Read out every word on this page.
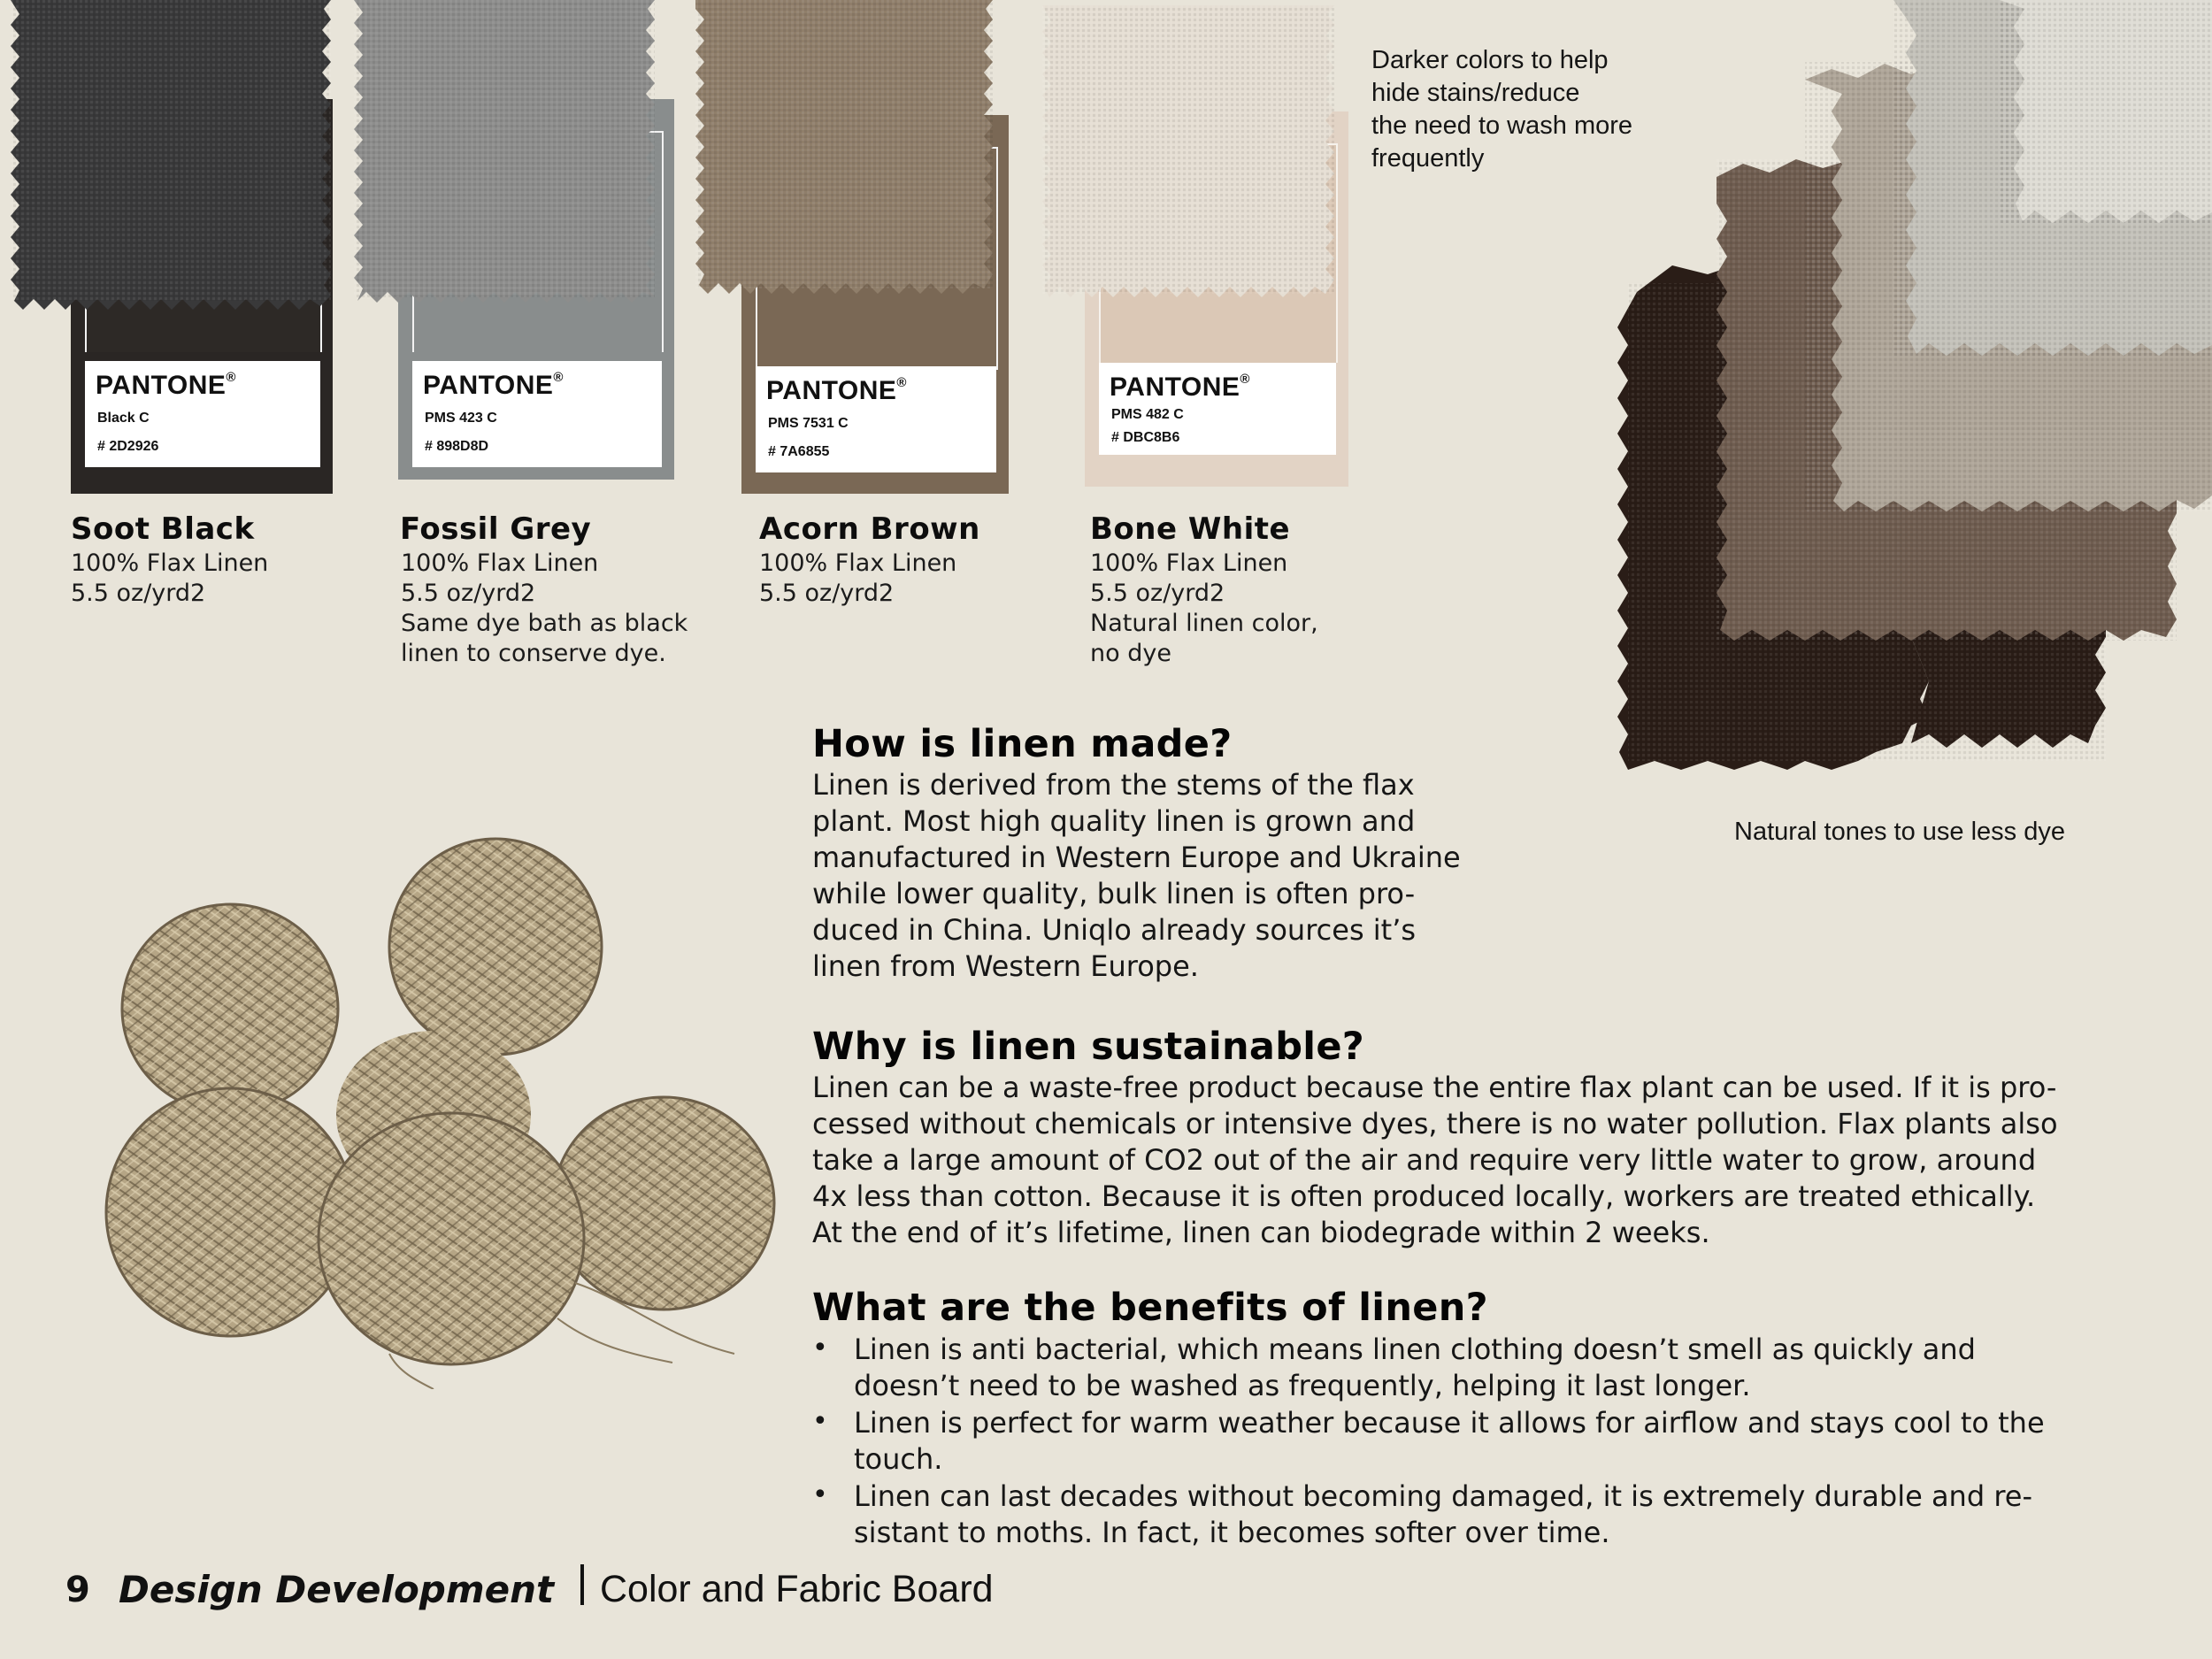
PANTONE®
Black C
# 2D2926
PANTONE®
PMS 423 C
# 898D8D
PANTONE®
PMS 7531 C
# 7A6855
PANTONE®
PMS 482 C
# DBC8B6
Soot Black
100% Flax Linen
5.5 oz/yrd2
Fossil Grey
100% Flax Linen
5.5 oz/yrd2
Same dye bath as black
linen to conserve dye.
Acorn Brown
100% Flax Linen
5.5 oz/yrd2
Bone White
100% Flax Linen
5.5 oz/yrd2
Natural linen color,
no dye
Darker colors to help
hide stains/reduce
the need to wash more
frequently
Natural tones to use less dye
How is linen made?
Linen is derived from the stems of the flax
plant. Most high quality linen is grown and
manufactured in Western Europe and Ukraine
while lower quality, bulk linen is often pro-
duced in China. Uniqlo already sources it’s
linen from Western Europe.
Why is linen sustainable?
Linen can be a waste-free product because the entire flax plant can be used. If it is pro-
cessed without chemicals or intensive dyes, there is no water pollution. Flax plants also
take a large amount of CO2 out of the air and require very little water to grow, around
4x less than cotton. Because it is often produced locally, workers are treated ethically.
At the end of it’s lifetime, linen can biodegrade within 2 weeks.
What are the benefits of linen?
• Linen is anti bacterial, which means linen clothing doesn’t smell as quickly and
doesn’t need to be washed as frequently, helping it last longer.
• Linen is perfect for warm weather because it allows for airflow and stays cool to the
touch.
• Linen can last decades without becoming damaged, it is extremely durable and re-
sistant to moths. In fact, it becomes softer over time.
9 Design Development Color and Fabric Board
